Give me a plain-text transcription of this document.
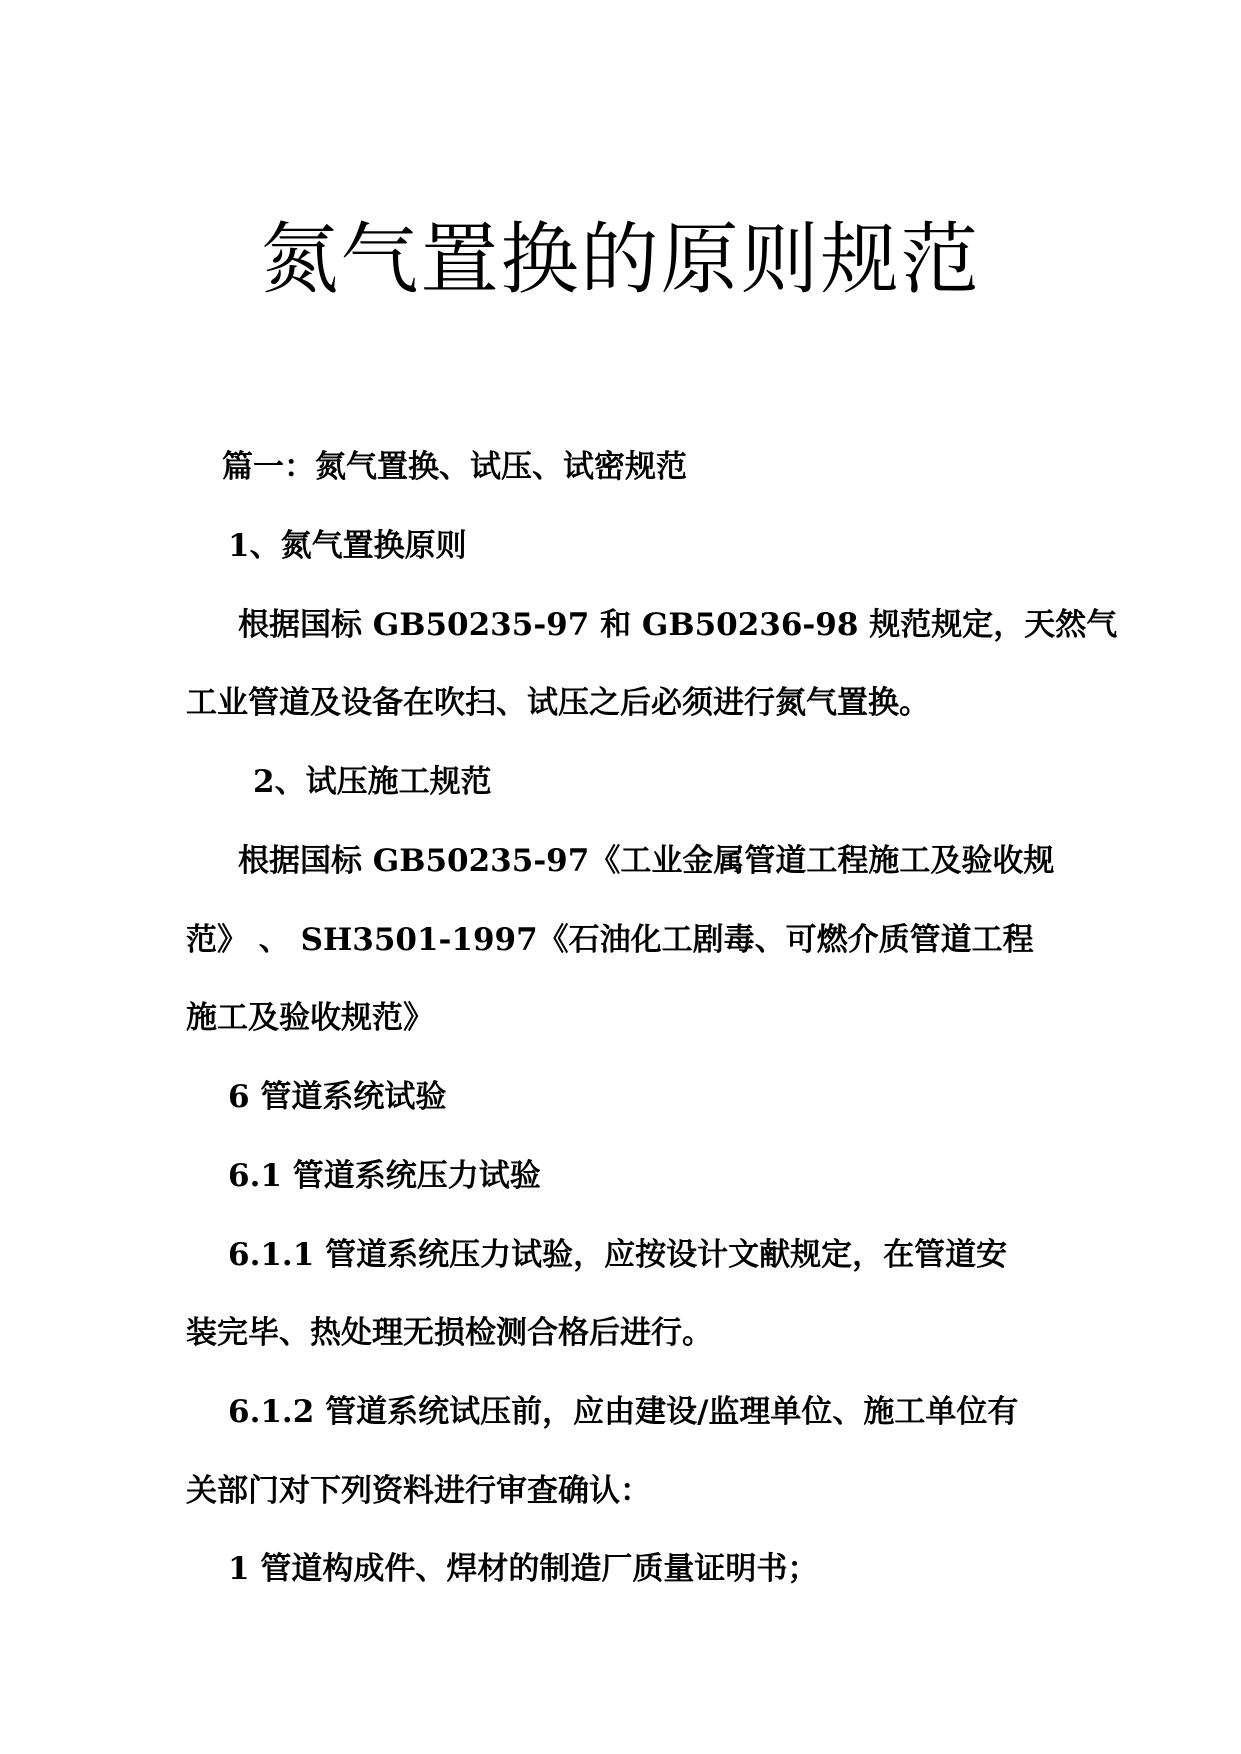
氮气置换的原则规范

篇一：氮气置换、试压、试密规范

1、氮气置换原则

根据国标 GB50235-97 和 GB50236-98 规范规定，天然气

工业管道及设备在吹扫、试压之后必须进行氮气置换。

2、试压施工规范

根据国标 GB50235-97《工业金属管道工程施工及验收规

范》 、 SH3501-1997《石油化工剧毒、可燃介质管道工程

施工及验收规范》

6 管道系统试验

6.1 管道系统压力试验

6.1.1 管道系统压力试验，应按设计文献规定，在管道安

装完毕、热处理无损检测合格后进行。

6.1.2 管道系统试压前，应由建设/监理单位、施工单位有

关部门对下列资料进行审查确认：

1 管道构成件、焊材的制造厂质量证明书；
